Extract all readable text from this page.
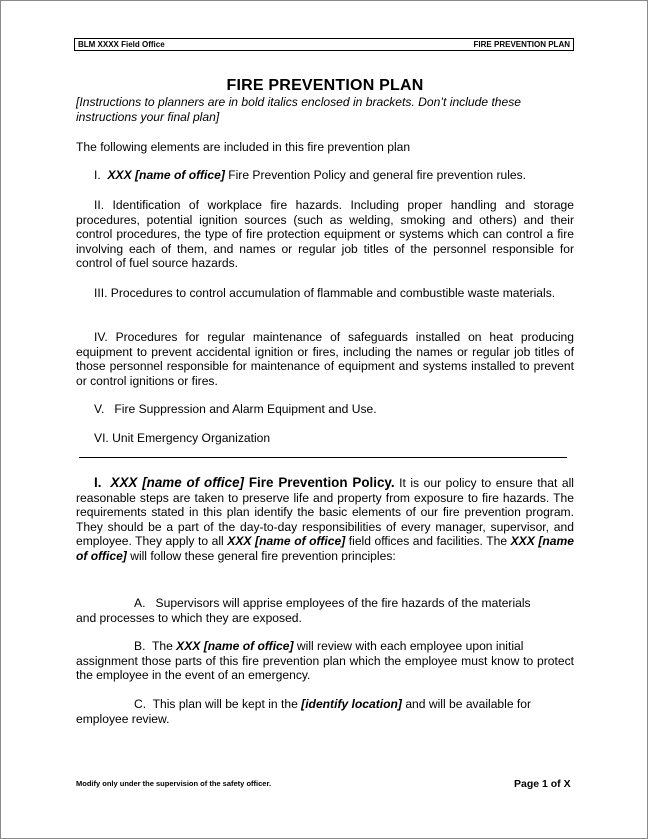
BLM XXXX Field Office	FIRE PREVENTION PLAN
FIRE PREVENTION PLAN
[Instructions to planners are in bold italics enclosed in brackets. Don’t include these instructions your final plan]
The following elements are included in this fire prevention plan
I. XXX [name of office] Fire Prevention Policy and general fire prevention rules.
II. Identification of workplace fire hazards. Including proper handling and storage procedures, potential ignition sources (such as welding, smoking and others) and their control procedures, the type of fire protection equipment or systems which can control a fire involving each of them, and names or regular job titles of the personnel responsible for control of fuel source hazards.
III. Procedures to control accumulation of flammable and combustible waste materials.
IV. Procedures for regular maintenance of safeguards installed on heat producing equipment to prevent accidental ignition or fires, including the names or regular job titles of those personnel responsible for maintenance of equipment and systems installed to prevent or control ignitions or fires.
V. Fire Suppression and Alarm Equipment and Use.
VI. Unit Emergency Organization
I. XXX [name of office] Fire Prevention Policy. It is our policy to ensure that all reasonable steps are taken to preserve life and property from exposure to fire hazards. The requirements stated in this plan identify the basic elements of our fire prevention program. They should be a part of the day-to-day responsibilities of every manager, supervisor, and employee. They apply to all XXX [name of office] field offices and facilities. The XXX [name of office] will follow these general fire prevention principles:
A. Supervisors will apprise employees of the fire hazards of the materials
and processes to which they are exposed.
B. The XXX [name of office] will review with each employee upon initial
assignment those parts of this fire prevention plan which the employee must know to protect the employee in the event of an emergency.
C. This plan will be kept in the [identify location] and will be available for
employee review.
Modify only under the supervision of the safety officer.	Page 1 of X
